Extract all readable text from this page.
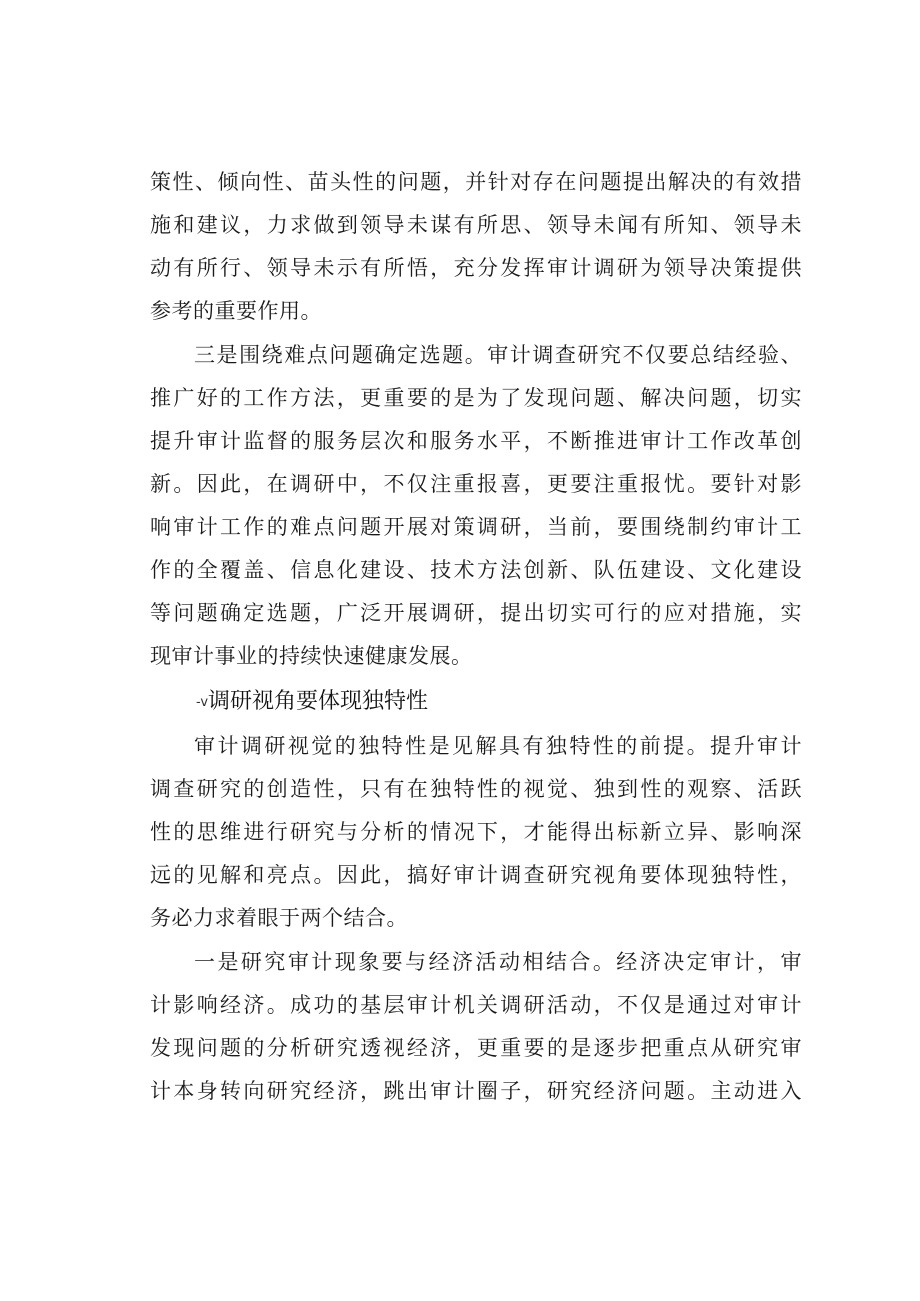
策性、倾向性、苗头性的问题，并针对存在问题提出解决的有效措
施和建议，力求做到领导未谋有所思、领导未闻有所知、领导未
动有所行、领导未示有所悟，充分发挥审计调研为领导决策提供
参考的重要作用。
三是围绕难点问题确定选题。审计调查研究不仅要总结经验、
推广好的工作方法，更重要的是为了发现问题、解决问题，切实
提升审计监督的服务层次和服务水平，不断推进审计工作改革创
新。因此，在调研中，不仅注重报喜，更要注重报忧。要针对影
响审计工作的难点问题开展对策调研，当前，要围绕制约审计工
作的全覆盖、信息化建设、技术方法创新、队伍建设、文化建设
等问题确定选题，广泛开展调研，提出切实可行的应对措施，实
现审计事业的持续快速健康发展。
-v调研视角要体现独特性
审计调研视觉的独特性是见解具有独特性的前提。提升审计
调查研究的创造性，只有在独特性的视觉、独到性的观察、活跃
性的思维进行研究与分析的情况下，才能得出标新立异、影响深
远的见解和亮点。因此，搞好审计调查研究视角要体现独特性，
务必力求着眼于两个结合。
一是研究审计现象要与经济活动相结合。经济决定审计，审
计影响经济。成功的基层审计机关调研活动，不仅是通过对审计
发现问题的分析研究透视经济，更重要的是逐步把重点从研究审
计本身转向研究经济，跳出审计圈子，研究经济问题。主动进入
